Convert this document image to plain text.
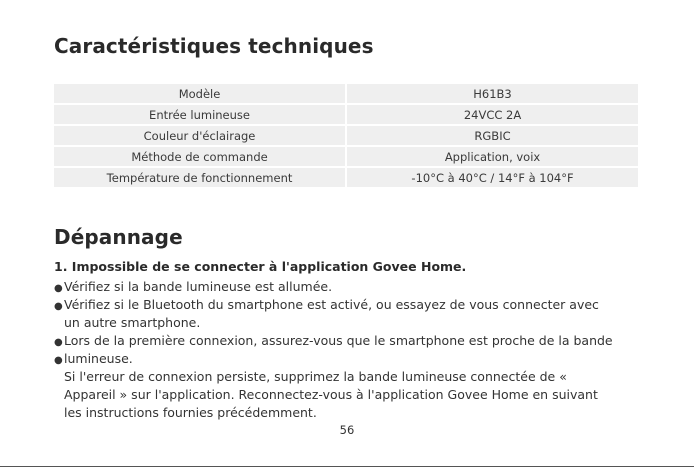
Caractéristiques techniques
Modèle	H61B3
Entrée lumineuse	24VCC 2A
Couleur d'éclairage	RGBIC
Méthode de commande	Application, voix
Température de fonctionnement	-10°C à 40°C / 14°F à 104°F
Dépannage
1. Impossible de se connecter à l'application Govee Home.
●Vérifiez si la bande lumineuse est allumée.
●Vérifiez si le Bluetooth du smartphone est activé, ou essayez de vous connecter avec
un autre smartphone.
●Lors de la première connexion, assurez-vous que le smartphone est proche de la bande
●lumineuse.
Si l'erreur de connexion persiste, supprimez la bande lumineuse connectée de «
Appareil » sur l'application. Reconnectez-vous à l'application Govee Home en suivant
les instructions fournies précédemment.
56
